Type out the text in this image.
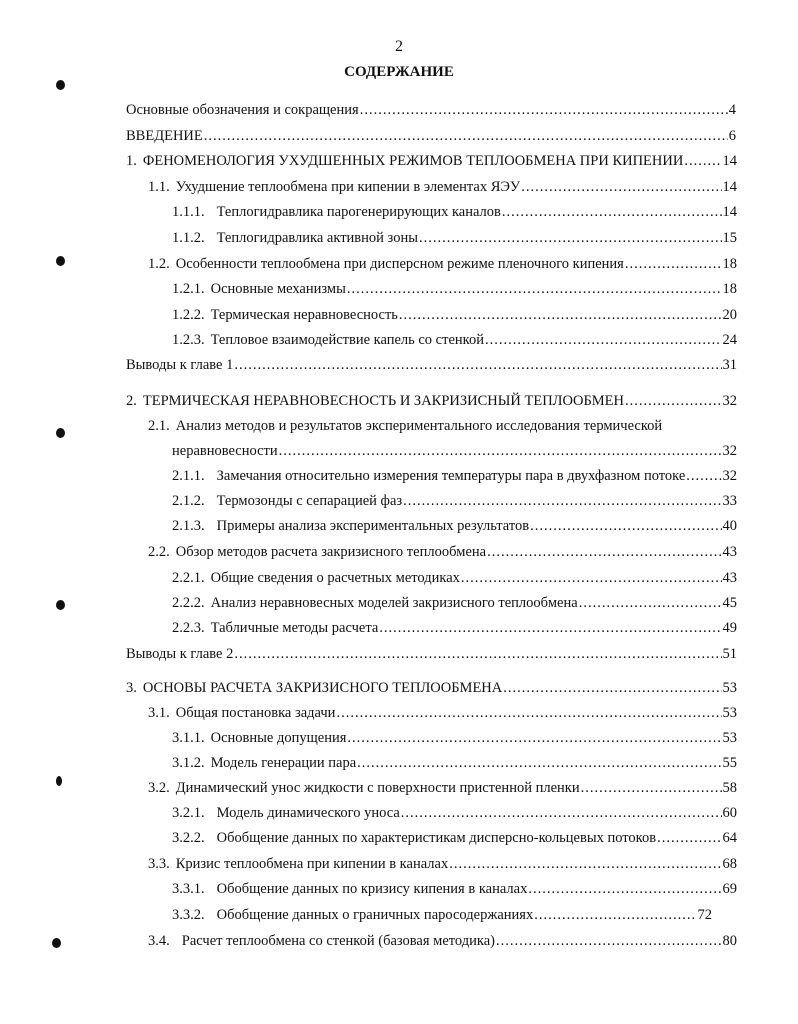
2
СОДЕРЖАНИЕ
Основные обозначения и сокращения .....	4
ВВЕДЕНИЕ .....	6
1. ФЕНОМЕНОЛОГИЯ УХУДШЕННЫХ РЕЖИМОВ ТЕПЛООБМЕНА ПРИ КИПЕНИИ .....	14
1.1. Ухудшение теплообмена при кипении в элементах ЯЭУ .....	14
1.1.1. Теплогидравлика парогенерирующих каналов .....	14
1.1.2. Теплогидравлика активной зоны .....	15
1.2. Особенности теплообмена при дисперсном режиме пленочного кипения .....	18
1.2.1. Основные механизмы .....	18
1.2.2. Термическая неравновесность .....	20
1.2.3. Тепловое взаимодействие капель со стенкой .....	24
Выводы к главе 1 .....	31
2. ТЕРМИЧЕСКАЯ НЕРАВНОВЕСНОСТЬ И ЗАКРИЗИСНЫЙ ТЕПЛООБМЕН .....	32
2.1. Анализ методов и результатов экспериментального исследования термической
неравновесности .....	32
2.1.1. Замечания относительно измерения температуры пара в двухфазном потоке .....	32
2.1.2. Термозонды с сепарацией фаз .....	33
2.1.3. Примеры анализа экспериментальных результатов .....	40
2.2. Обзор методов расчета закризисного теплообмена .....	43
2.2.1. Общие сведения о расчетных методиках .....	43
2.2.2. Анализ неравновесных моделей закризисного теплообмена .....	45
2.2.3. Табличные методы расчета .....	49
Выводы к главе 2 .....	51
3. ОСНОВЫ РАСЧЕТА ЗАКРИЗИСНОГО ТЕПЛООБМЕНА .....	53
3.1. Общая постановка задачи .....	53
3.1.1. Основные допущения .....	53
3.1.2. Модель генерации пара .....	55
3.2. Динамический унос жидкости с поверхности пристенной пленки .....	58
3.2.1. Модель динамического уноса .....	60
3.2.2. Обобщение данных по характеристикам дисперсно-кольцевых потоков .....	64
3.3. Кризис теплообмена при кипении в каналах .....	68
3.3.1. Обобщение данных по кризису кипения в каналах .....	69
3.3.2. Обобщение данных о граничных паросодержаниях .....	72
3.4. Расчет теплообмена со стенкой (базовая методика) .....	80
